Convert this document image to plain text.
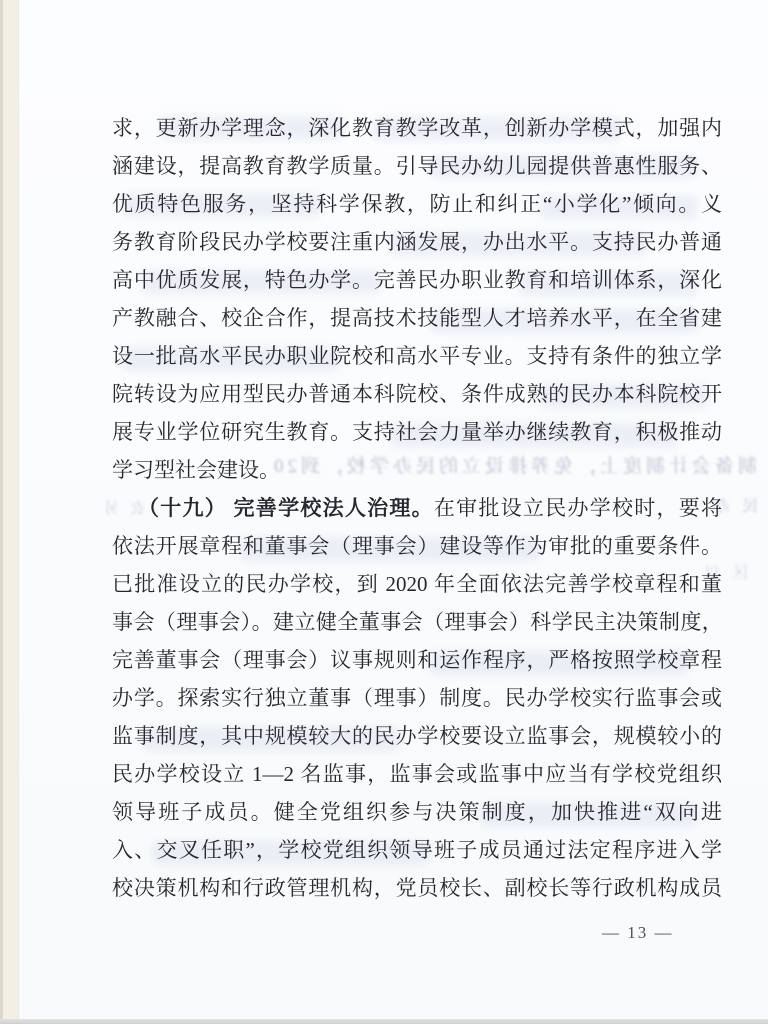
制备会计制度上，免养排设立的民办学校，到20
民 办
衣 另
区 以
求，更新办学理念，深化教育教学改革，创新办学模式，加强内
涵建设，提高教育教学质量。引导民办幼儿园提供普惠性服务、
优质特色服务，坚持科学保教，防止和纠正“小学化”倾向。义
务教育阶段民办学校要注重内涵发展，办出水平。支持民办普通
高中优质发展，特色办学。完善民办职业教育和培训体系，深化
产教融合、校企合作，提高技术技能型人才培养水平，在全省建
设一批高水平民办职业院校和高水平专业。支持有条件的独立学
院转设为应用型民办普通本科院校、条件成熟的民办本科院校开
展专业学位研究生教育。支持社会力量举办继续教育，积极推动
学习型社会建设。
（十九） 完善学校法人治理。在审批设立民办学校时，要将
依法开展章程和董事会（理事会）建设等作为审批的重要条件。
已批准设立的民办学校，到 2020 年全面依法完善学校章程和董
事会（理事会）。建立健全董事会（理事会）科学民主决策制度，
完善董事会（理事会）议事规则和运作程序，严格按照学校章程
办学。探索实行独立董事（理事）制度。民办学校实行监事会或
监事制度，其中规模较大的民办学校要设立监事会，规模较小的
民办学校设立 1—2 名监事，监事会或监事中应当有学校党组织
领导班子成员。健全党组织参与决策制度，加快推进“双向进
入、交叉任职”，学校党组织领导班子成员通过法定程序进入学
校决策机构和行政管理机构，党员校长、副校长等行政机构成员
— 13 —
